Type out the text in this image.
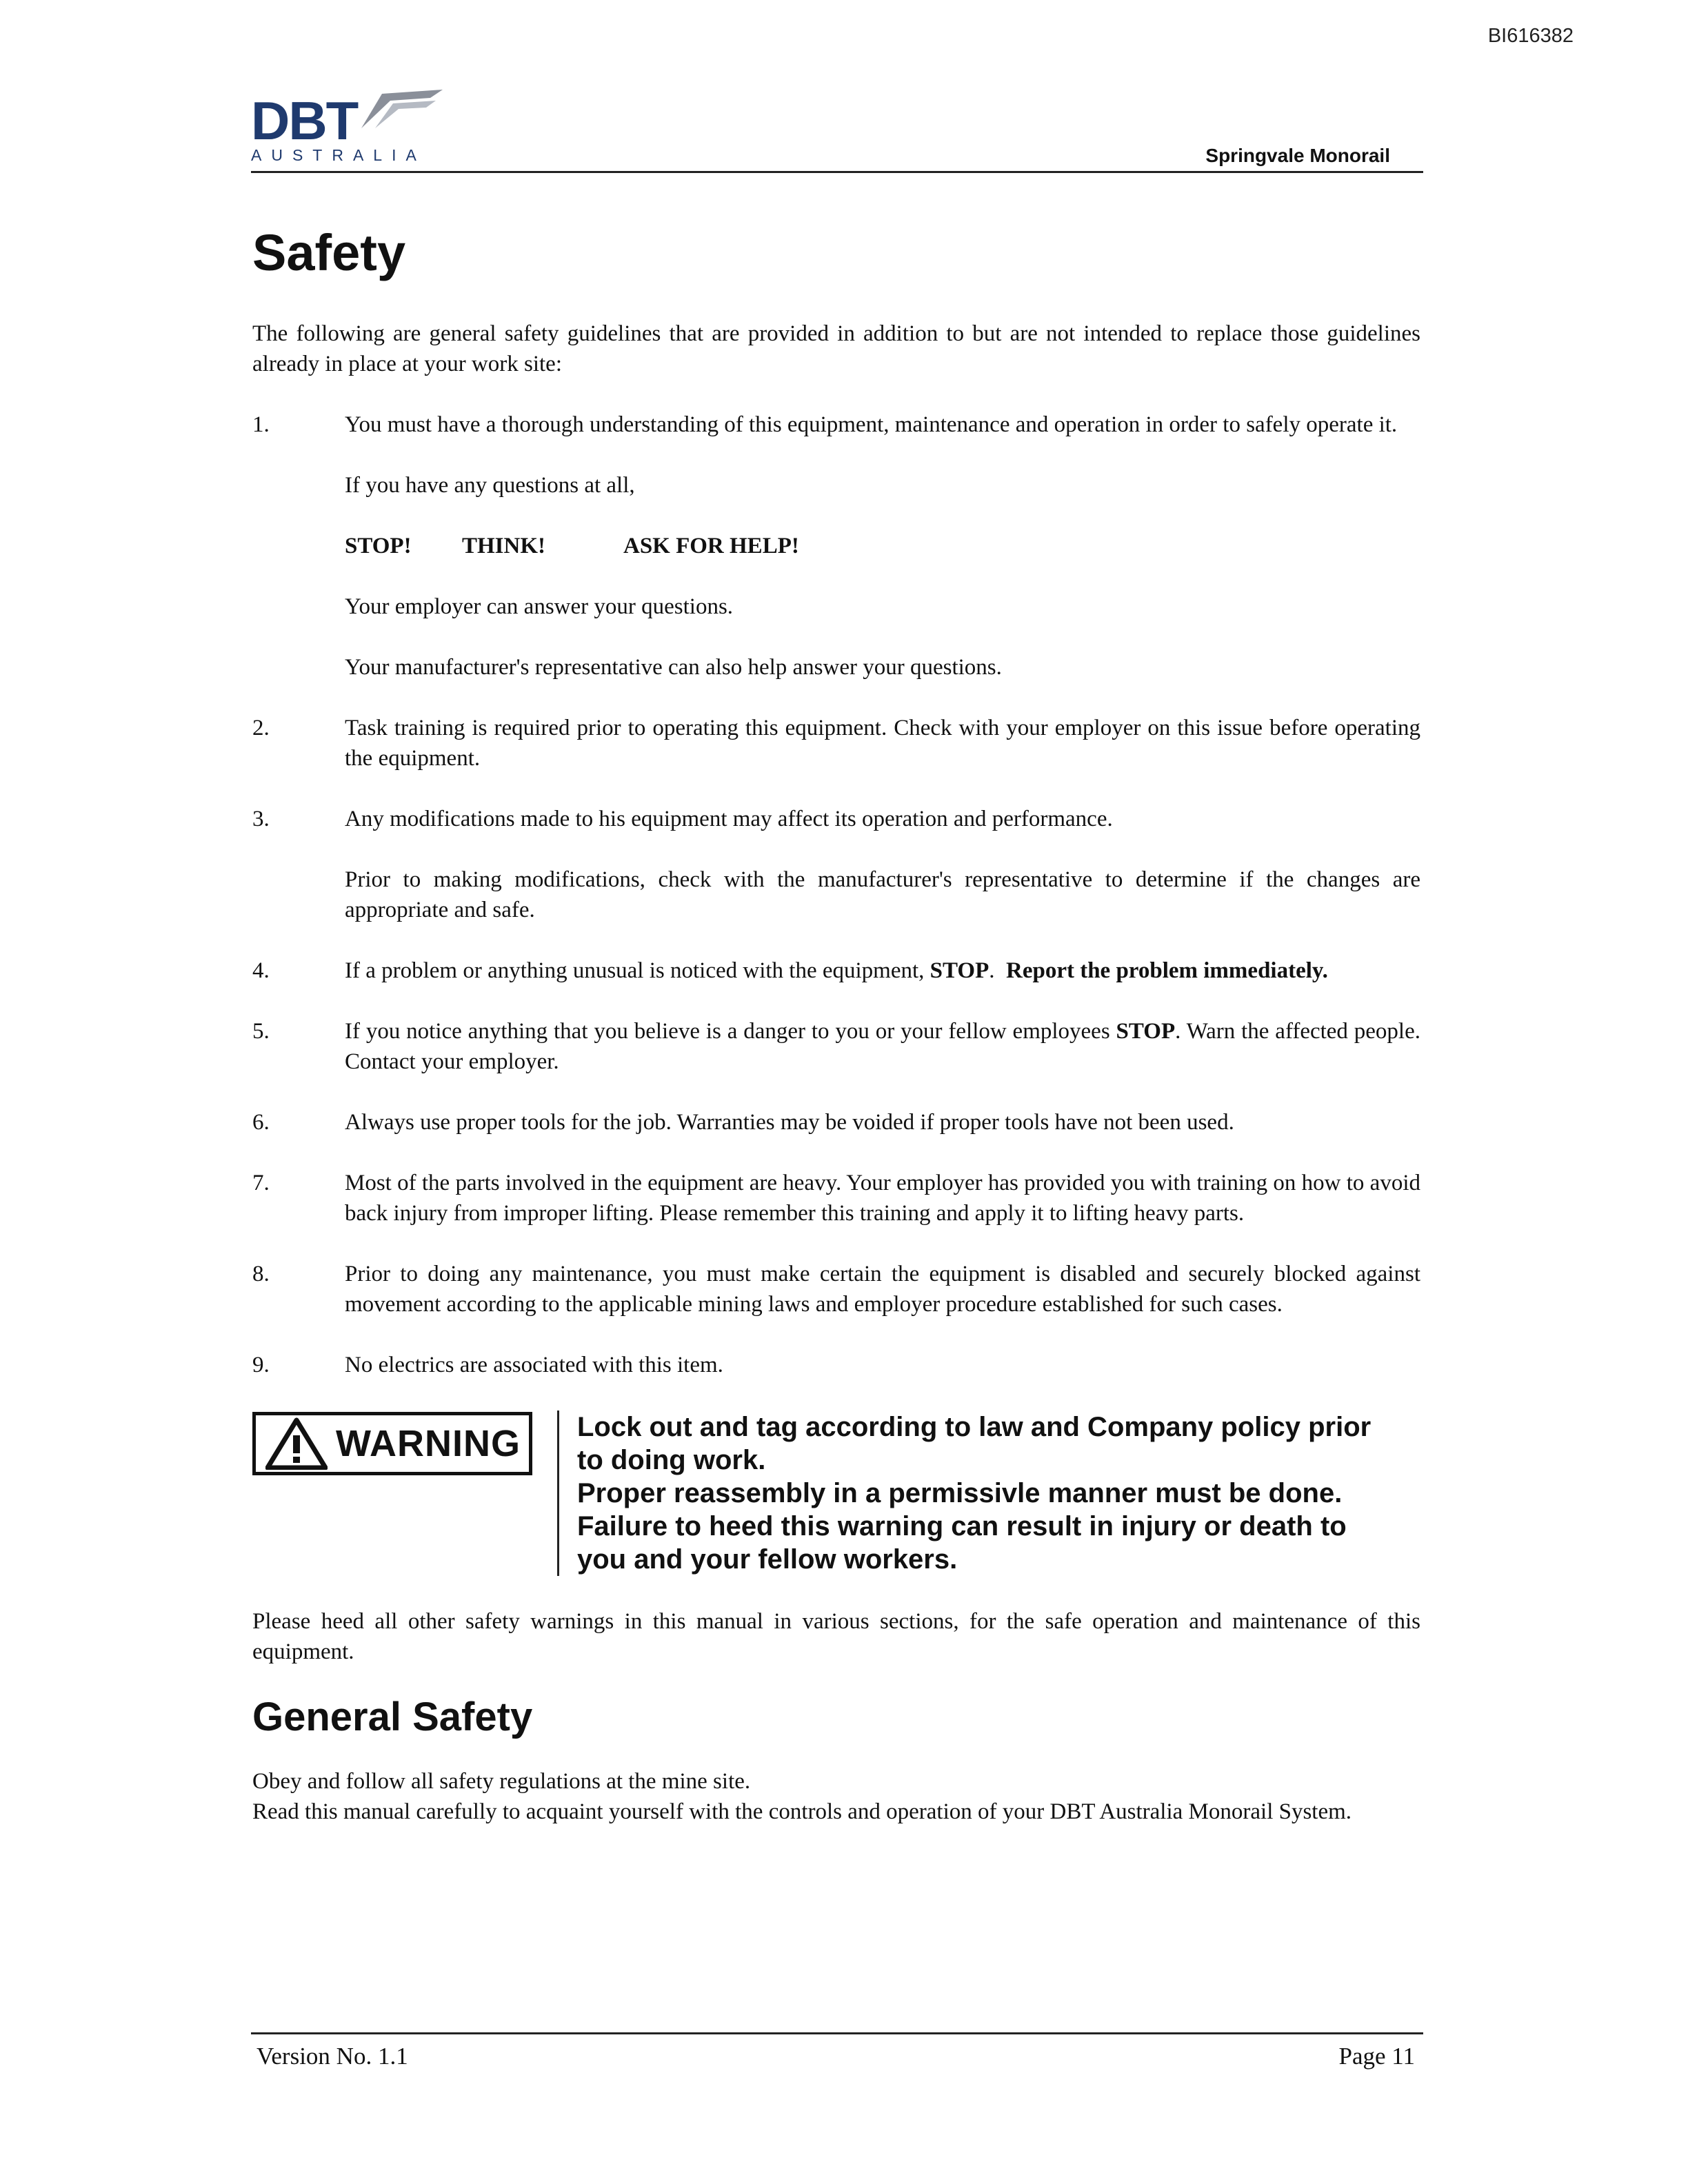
BI616382
DBT
AUSTRALIA	Springvale Monorail
Safety

The following are general safety guidelines that are provided in addition to but are not intended to replace those guidelines already in place at your work site:

1.	You must have a thorough understanding of this equipment, maintenance and operation in order to safely operate it.

If you have any questions at all,

STOP! THINK!	ASK FOR HELP!

Your employer can answer your questions.

Your manufacturer's representative can also help answer your questions.

2.	Task training is required prior to operating this equipment. Check with your employer on this issue before operating the equipment.

3.	Any modifications made to his equipment may affect its operation and performance.

Prior to making modifications, check with the manufacturer's representative to determine if the changes are appropriate and safe.

4.	If a problem or anything unusual is noticed with the equipment, STOP.  Report the problem immediately.

5.	If you notice anything that you believe is a danger to you or your fellow employees STOP. Warn the affected people. Contact your employer.

6.	Always use proper tools for the job. Warranties may be voided if proper tools have not been used.

7.	Most of the parts involved in the equipment are heavy. Your employer has provided you with training on how to avoid back injury from improper lifting. Please remember this training and apply it to lifting heavy parts.

8.	Prior to doing any maintenance, you must make certain the equipment is disabled and securely blocked against movement according to the applicable mining laws and employer procedure established for such cases.

9.	No electrics are associated with this item.

WARNING Lock out and tag according to law and Company policy prior
to doing work.
Proper reassembly in a permissivle manner must be done.
Failure to heed this warning can result in injury or death to
you and your fellow workers.

Please heed all other safety warnings in this manual in various sections, for the safe operation and maintenance of this equipment.

General Safety

Obey and follow all safety regulations at the mine site.

Read this manual carefully to acquaint yourself with the controls and operation of your DBT Australia Monorail System.

Version No. 1.1	Page 11
